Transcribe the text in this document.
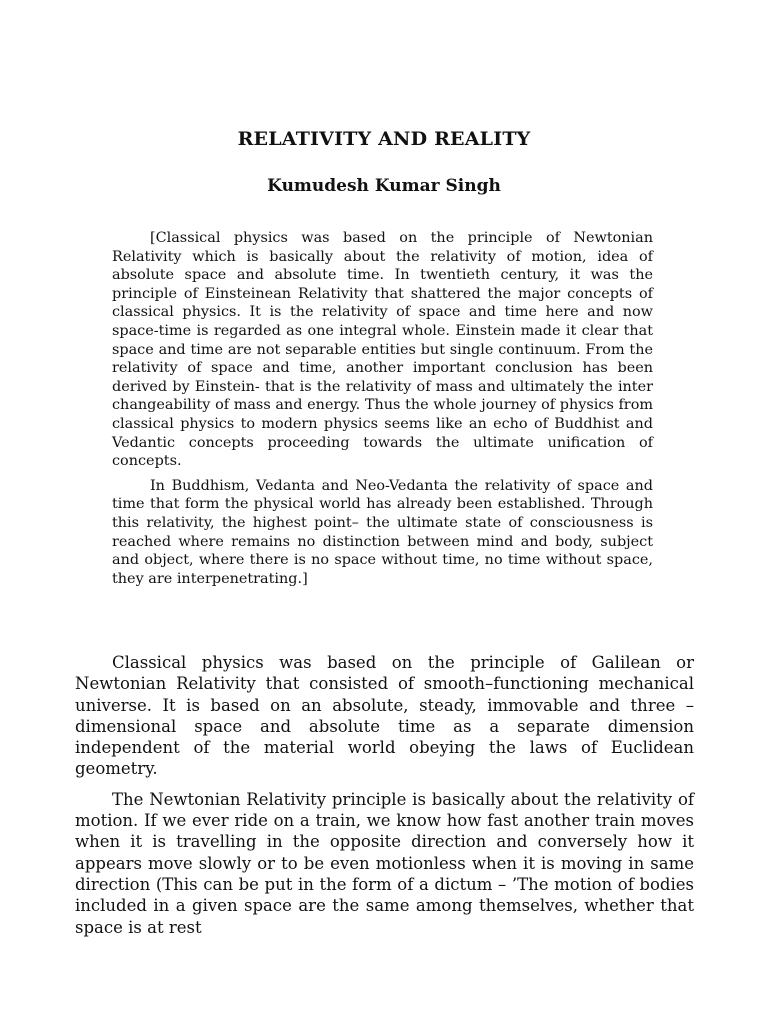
RELATIVITY AND REALITY
Kumudesh Kumar Singh

[Classical physics was based on the principle of Newtonian Relativity which is basically about the relativity of motion, idea of absolute space and absolute time. In twentieth century, it was the principle of Einsteinean Relativity that shattered the major concepts of classical physics. It is the relativity of space and time here and now space-time is regarded as one integral whole. Einstein made it clear that space and time are not separable entities but single continuum. From the relativity of space and time, another important conclusion has been derived by Einstein- that is the relativity of mass and ultimately the inter changeability of mass and energy. Thus the whole journey of physics from classical physics to modern physics seems like an echo of Buddhist and Vedantic concepts proceeding towards the ultimate unification of concepts.

In Buddhism, Vedanta and Neo-Vedanta the relativity of space and time that form the physical world has already been established. Through this relativity, the highest point– the ultimate state of consciousness is reached where remains no distinction between mind and body, subject and object, where there is no space without time, no time without space, they are interpenetrating.]

Classical physics was based on the principle of Galilean or Newtonian Relativity that consisted of smooth–functioning mechanical universe. It is based on an absolute, steady, immovable and three – dimensional space and absolute time as a separate dimension independent of the material world obeying the laws of Euclidean geometry.

The Newtonian Relativity principle is basically about the relativity of motion. If we ever ride on a train, we know how fast another train moves when it is travelling in the opposite direction and conversely how it appears move slowly or to be even motionless when it is moving in same direction (This can be put in the form of a dictum – ’The motion of bodies included in a given space are the same among themselves, whether that space is at rest
